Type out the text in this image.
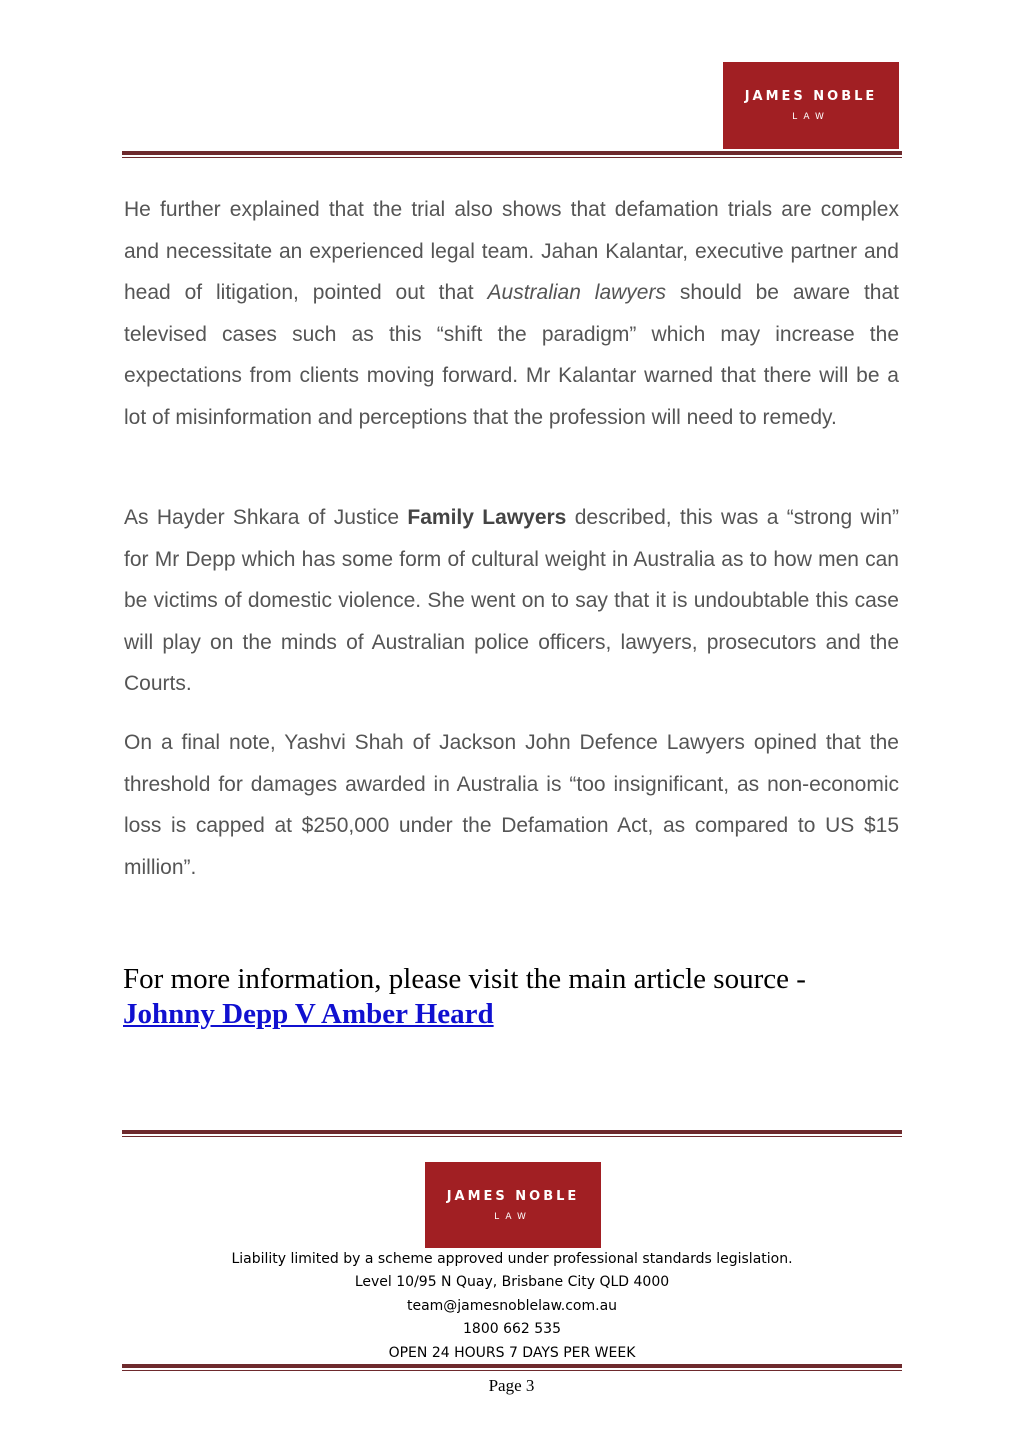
JAMES NOBLE
LAW

He further explained that the trial also shows that defamation trials are complex and necessitate an experienced legal team. Jahan Kalantar, executive partner and head of litigation, pointed out that Australian lawyers should be aware that televised cases such as this “shift the paradigm” which may increase the expectations from clients moving forward. Mr Kalantar warned that there will be a lot of misinformation and perceptions that the profession will need to remedy.

As Hayder Shkara of Justice Family Lawyers described, this was a “strong win” for Mr Depp which has some form of cultural weight in Australia as to how men can be victims of domestic violence. She went on to say that it is undoubtable this case will play on the minds of Australian police officers, lawyers, prosecutors and the Courts.

On a final note, Yashvi Shah of Jackson John Defence Lawyers opined that the threshold for damages awarded in Australia is “too insignificant, as non-economic loss is capped at $250,000 under the Defamation Act, as compared to US $15 million”.

For more information, please visit the main article source -
Johnny Depp V Amber Heard
JAMES NOBLE
LAW
Liability limited by a scheme approved under professional standards legislation.
Level 10/95 N Quay, Brisbane City QLD 4000
team@jamesnoblelaw.com.au
1800 662 535
OPEN 24 HOURS 7 DAYS PER WEEK
Page 3
